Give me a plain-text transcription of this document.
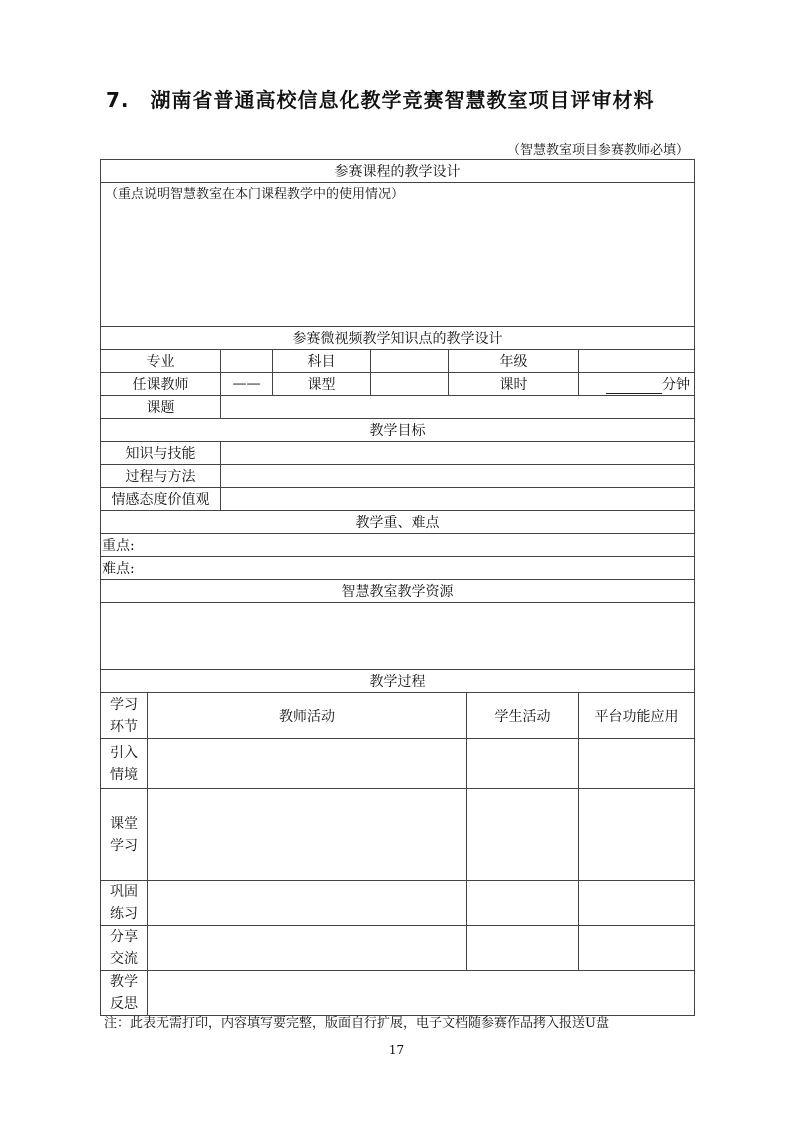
7.　湖南省普通高校信息化教学竞赛智慧教室项目评审材料
（智慧教室项目参赛教师必填）
参赛课程的教学设计							
（重点说明智慧教室在本门课程教学中的使用情况）							
参赛微视频教学知识点的教学设计							
专业			科目		年级		
任课教师		——	课型		课时		分钟
课题							
教学目标							
知识与技能							
过程与方法							
情感态度价值观							
教学重、难点							
重点:							
难点:							
智慧教室教学资源							

教学过程							

学习
环节	教师活动					学生活动	平台功能应用

引入
情境							

课堂
学习							

巩固
练习							

分享
交流							

教学
反思							

注：此表无需打印，内容填写要完整，版面自行扩展，电子文档随参赛作品拷入报送U盘
17
